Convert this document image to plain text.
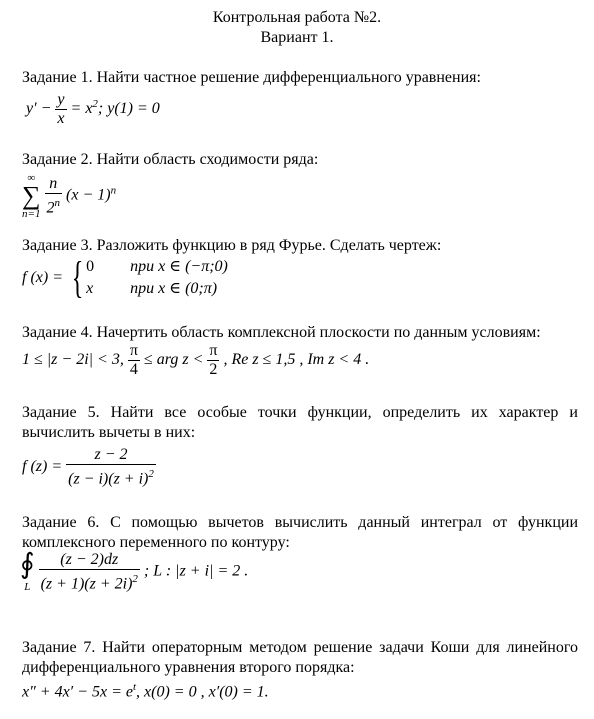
Контрольная работа №2.
Вариант 1.
Задание 1. Найти частное решение дифференциального уравнения:
$y' - \frac{y}{x} = x^2$; y(1) = 0
Задание 2. Найти область сходимости ряда:
∞
∑
n=1
$\frac{n}{2^n} (x - 1)^n$
Задание 3. Разложить функцию в ряд Фурье. Сделать чертеж:
f (x) = { 0 при x ∈ (−π;0)
x при x ∈ (0;π)
Задание 4. Начертить область комплексной плоскости по данным условиям:
1 ≤ |z − 2i| < 3, $\frac{\pi}{4}$ ≤ arg $z < \frac{\pi}{2}$ , Re z ≤ 1,5 , Im z < 4 .
Задание 5. Найти все особые точки функции, определить их характер и вычислить вычеты в них:
f $(z) = \frac{z - 2}{(z - i)(z + i)^2}$
Задание 6. С помощью вычетов вычислить данный интеграл от функции комплексного переменного по контуру:
∮
L
$\frac{(z - 2)dz}{(z + 1)(z + 2i)^2}$ ; L : |z + i| = 2 .
Задание 7. Найти операторным методом решение задачи Коши для линейного дифференциального уравнения второго порядка:
$x'' + 4x' - 5x = e^t$, x(0) = 0 , x′(0) = 1.
